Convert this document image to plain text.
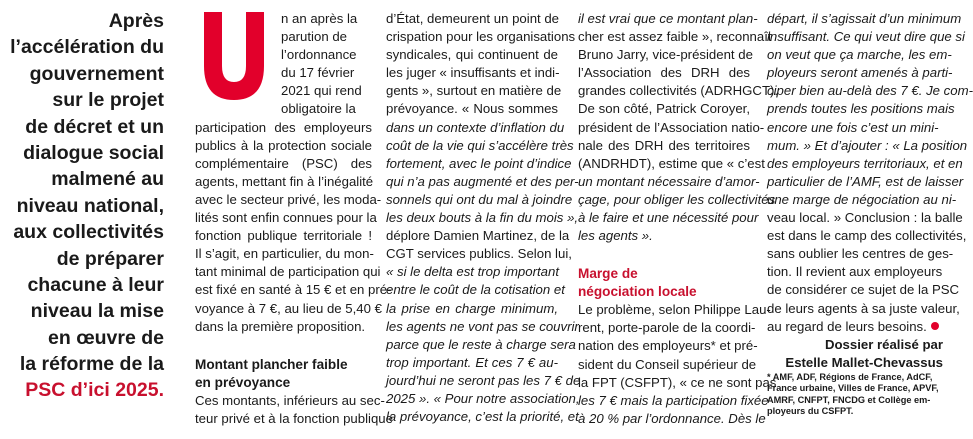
Après
l’accélération du
gouvernement
sur le projet
de décret et un
dialogue social
malmené au
niveau national,
aux collectivités
de préparer
chacune à leur
niveau la mise
en œuvre de
la réforme de la
PSC d’ici 2025.
U
n an après la
parution de
l’ordonnance
du 17 février
2021 qui rend
obligatoire la
participation des employeurs
publics à la protection sociale
complémentaire (PSC) des
agents, mettant fin à l’inégalité
avec le secteur privé, les moda-
lités sont enfin connues pour la
fonction publique territoriale !
Il s’agit, en particulier, du mon-
tant minimal de participation qui
est fixé en santé à 15 € et en pré-
voyance à 7 €, au lieu de 5,40 €
dans la première proposition.
Montant plancher faible
en prévoyance
Ces montants, inférieurs au sec-
teur privé et à la fonction publique
d’État, demeurent un point de
crispation pour les organisations
syndicales, qui continuent de
les juger « insuffisants et indi-
gents », surtout en matière de
prévoyance. « Nous sommes
dans un contexte d’inflation du
coût de la vie qui s’accélère très
fortement, avec le point d’indice
qui n’a pas augmenté et des per-
sonnels qui ont du mal à joindre
les deux bouts à la fin du mois »,
déplore Damien Martinez, de la
CGT services publics. Selon lui,
« si le delta est trop important
entre le coût de la cotisation et
la prise en charge minimum,
les agents ne vont pas se couvrir
parce que le reste à charge sera
trop important. Et ces 7 € au-
jourd’hui ne seront pas les 7 € de
2025 ». « Pour notre association,
la prévoyance, c’est la priorité, et
il est vrai que ce montant plan-
cher est assez faible », reconnaît
Bruno Jarry, vice-président de
l’Association des DRH des
grandes collectivités (ADRHGCT).
De son côté, Patrick Coroyer,
président de l’Association natio-
nale des DRH des territoires
(ANDRHDT), estime que « c’est
un montant nécessaire d’amor-
çage, pour obliger les collectivités
à le faire et une nécessité pour
les agents ».
Marge de
négociation locale
Le problème, selon Philippe Lau-
rent, porte-parole de la coordi-
nation des employeurs* et pré-
sident du Conseil supérieur de
la FPT (CSFPT), « ce ne sont pas
les 7 € mais la participation fixée
à 20 % par l’ordonnance. Dès le
départ, il s’agissait d’un minimum
insuffisant. Ce qui veut dire que si
on veut que ça marche, les em-
ployeurs seront amenés à parti-
ciper bien au-delà des 7 €. Je com-
prends toutes les positions mais
encore une fois c’est un mini-
mum. » Et d’ajouter : « La position
des employeurs territoriaux, et en
particulier de l’AMF, est de laisser
une marge de négociation au ni-
veau local. » Conclusion : la balle
est dans le camp des collectivités,
sans oublier les centres de ges-
tion. Il revient aux employeurs
de considérer ce sujet de la PSC
de leurs agents à sa juste valeur,
au regard de leurs besoins.
Dossier réalisé par
Estelle Mallet-Chevassus
* AMF, ADF, Régions de France, AdCF,
France urbaine, Villes de France, APVF,
AMRF, CNFPT, FNCDG et Collège em-
ployeurs du CSFPT.
